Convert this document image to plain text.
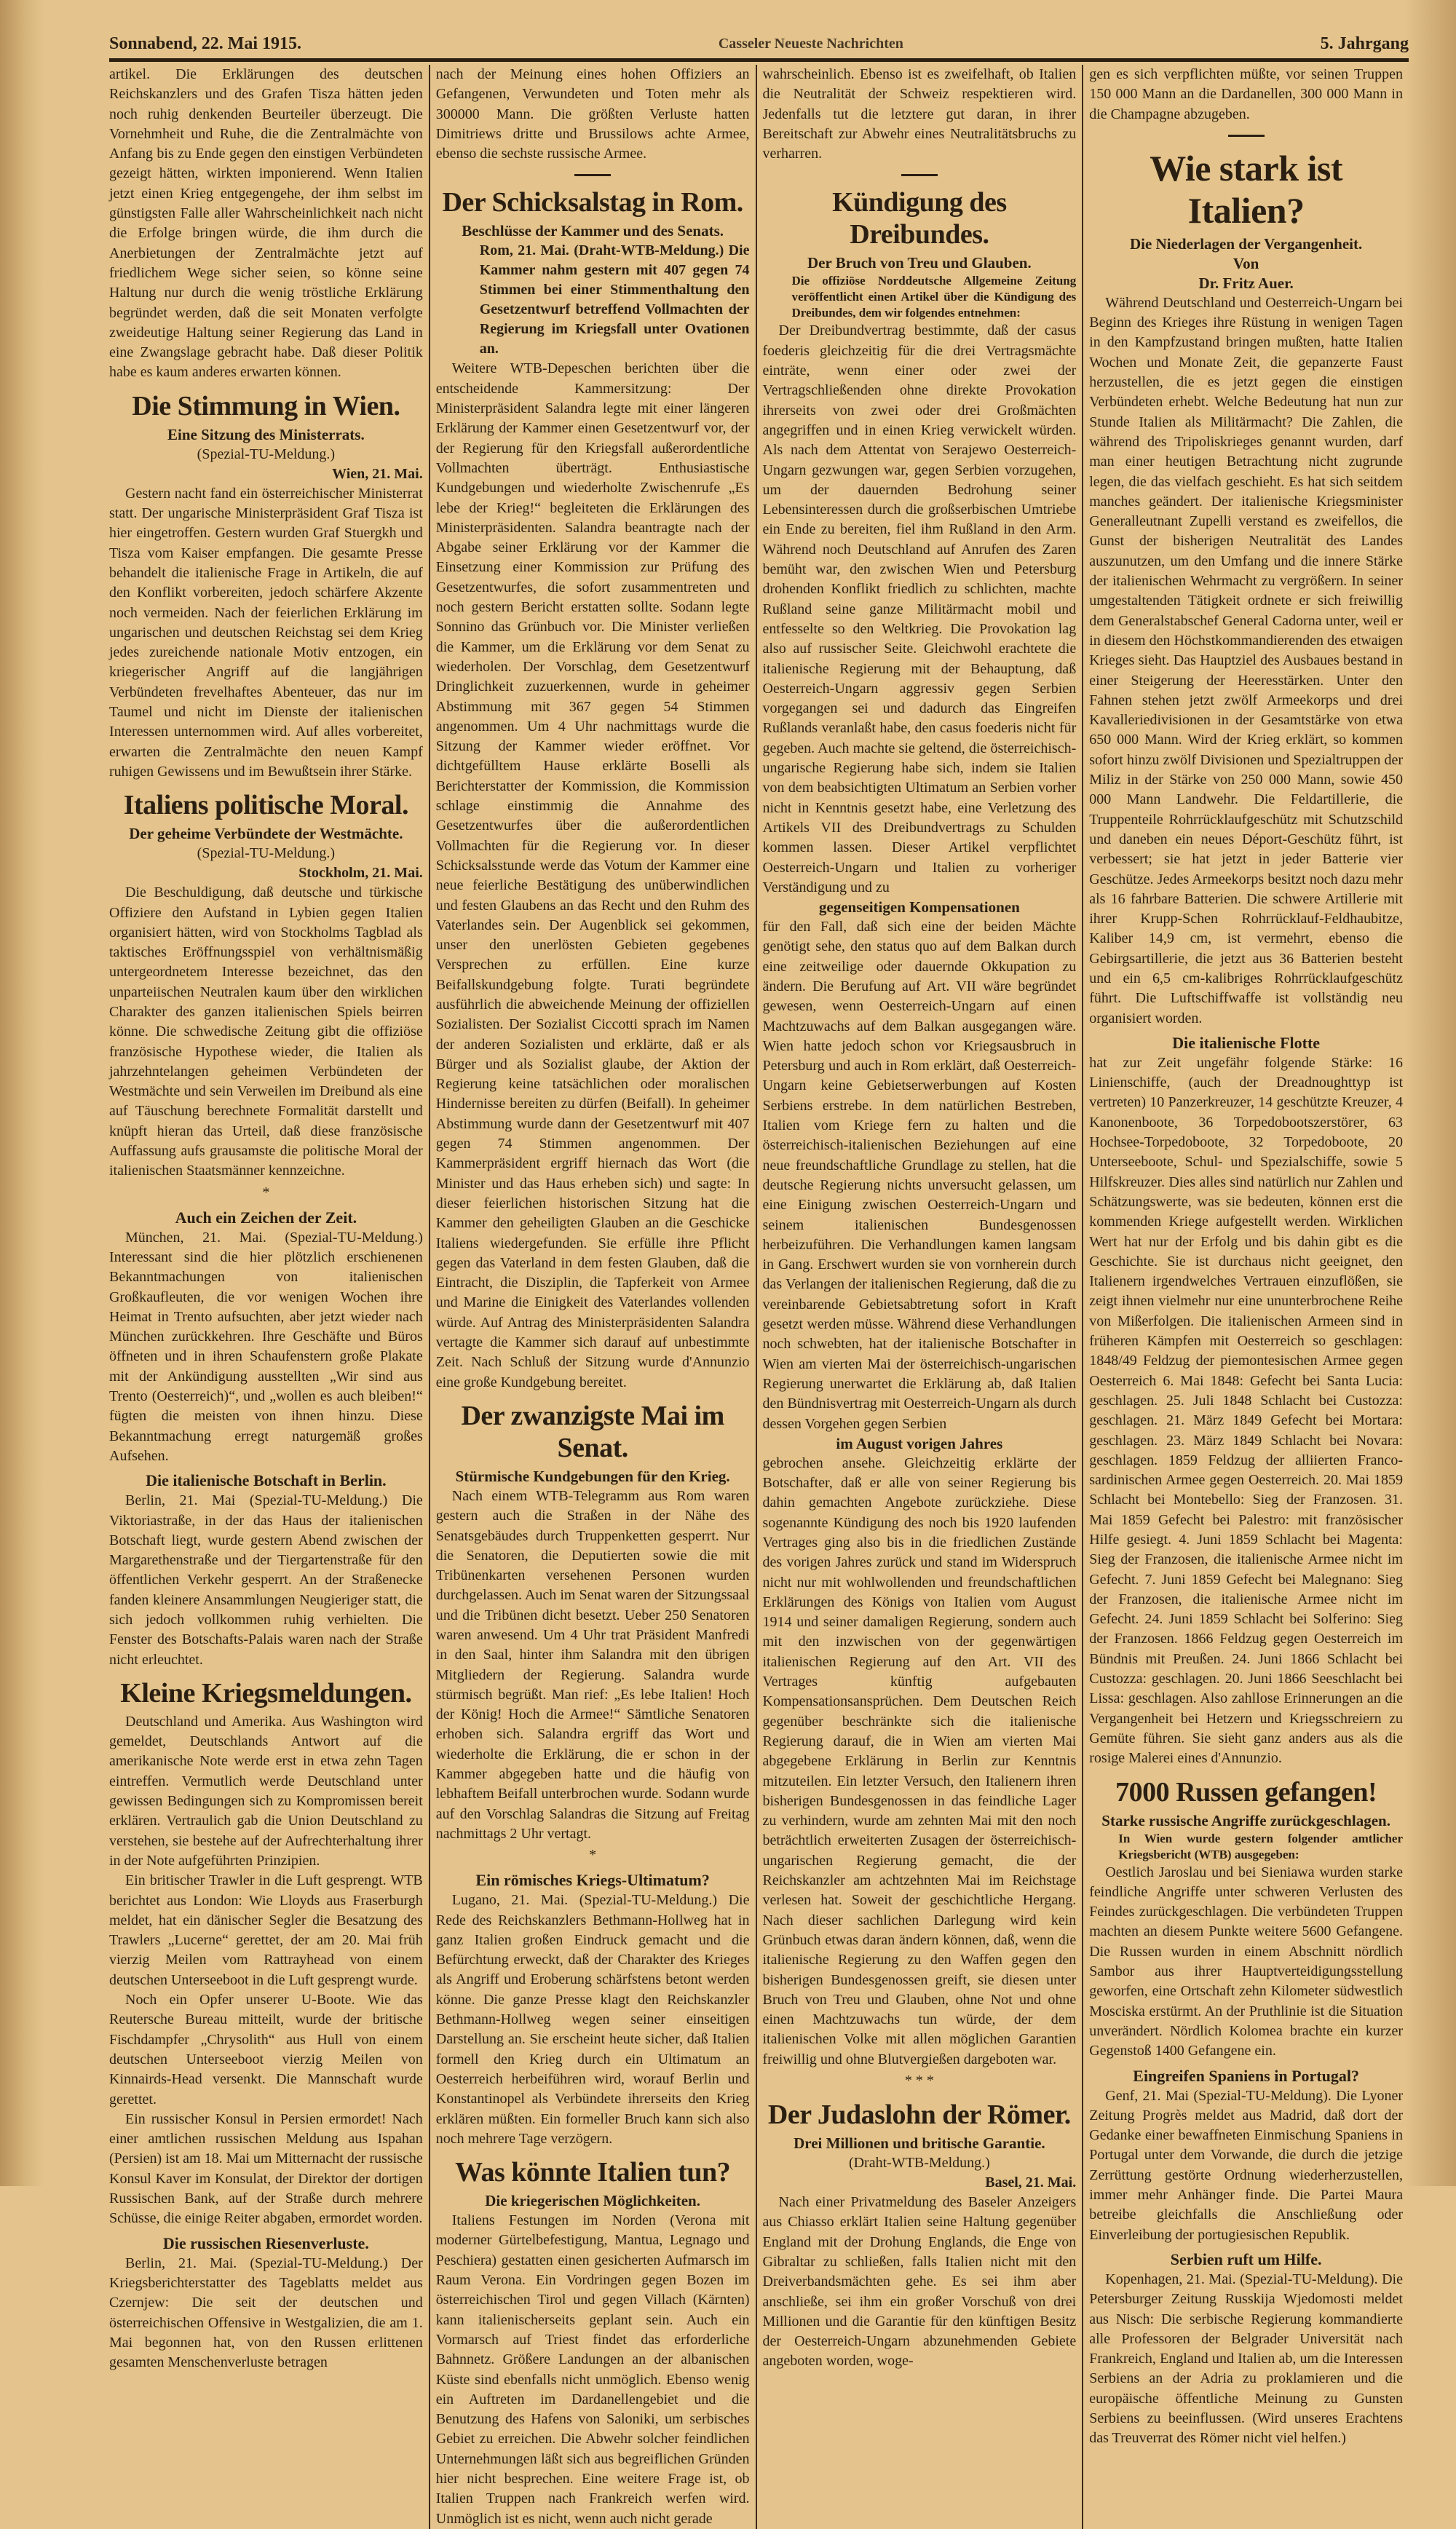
Sonnabend, 22. Mai 1915.	Casseler Neueste Nachrichten	5. Jahrgang

artikel. Die Erklärungen des deutschen Reichskanzlers und des Grafen Tisza hätten jeden noch ruhig denkenden Beurteiler überzeugt. Die Vornehmheit und Ruhe, die die Zentralmächte von Anfang bis zu Ende gegen den einstigen Verbündeten gezeigt hätten, wirkten imponierend. Wenn Italien jetzt einen Krieg entgegengehe, der ihm selbst im günstigsten Falle aller Wahrscheinlichkeit nach nicht die Erfolge bringen würde, die ihm durch die Anerbietungen der Zentralmächte jetzt auf friedlichem Wege sicher seien, so könne seine Haltung nur durch die wenig tröstliche Erklärung begründet werden, daß die seit Monaten verfolgte zweideutige Haltung seiner Regierung das Land in eine Zwangslage gebracht habe. Daß dieser Politik habe es kaum anderes erwarten können.

Die Stimmung in Wien.
Eine Sitzung des Ministerrats.
(Spezial-TU-Meldung.)
Wien, 21. Mai.

Gestern nacht fand ein österreichischer Ministerrat statt. Der ungarische Ministerpräsident Graf Tisza ist hier eingetroffen. Gestern wurden Graf Stuergkh und Tisza vom Kaiser empfangen. Die gesamte Presse behandelt die italienische Frage in Artikeln, die auf den Konflikt vorbereiten, jedoch schärfere Akzente noch vermeiden. Nach der feierlichen Erklärung im ungarischen und deutschen Reichstag sei dem Krieg jedes zureichende nationale Motiv entzogen, ein kriegerischer Angriff auf die langjährigen Verbündeten frevelhaftes Abenteuer, das nur im Taumel und nicht im Dienste der italienischen Interessen unternommen wird. Auf alles vorbereitet, erwarten die Zentralmächte den neuen Kampf ruhigen Gewissens und im Bewußtsein ihrer Stärke.

Italiens politische Moral.
Der geheime Verbündete der Westmächte.
(Spezial-TU-Meldung.)
Stockholm, 21. Mai.

Die Beschuldigung, daß deutsche und türkische Offiziere den Aufstand in Lybien gegen Italien organisiert hätten, wird von Stockholms Tagblad als taktisches Eröffnungsspiel von verhältnismäßig untergeordnetem Interesse bezeichnet, das den unparteiischen Neutralen kaum über den wirklichen Charakter des ganzen italienischen Spiels beirren könne. Die schwedische Zeitung gibt die offiziöse französische Hypothese wieder, die Italien als jahrzehntelangen geheimen Verbündeten der Westmächte und sein Verweilen im Dreibund als eine auf Täuschung berechnete Formalität darstellt und knüpft hieran das Urteil, daß diese französische Auffassung aufs grausamste die politische Moral der italienischen Staatsmänner kennzeichne.

*
Auch ein Zeichen der Zeit.

München, 21. Mai. (Spezial-TU-Meldung.) Interessant sind die hier plötzlich erschienenen Bekanntmachungen von italienischen Großkaufleuten, die vor wenigen Wochen ihre Heimat in Trento aufsuchten, aber jetzt wieder nach München zurückkehren. Ihre Geschäfte und Büros öffneten und in ihren Schaufenstern große Plakate mit der Ankündigung ausstellten „Wir sind aus Trento (Oesterreich)“, und „wollen es auch bleiben!“ fügten die meisten von ihnen hinzu. Diese Bekanntmachung erregt naturgemäß großes Aufsehen.

Die italienische Botschaft in Berlin.

Berlin, 21. Mai (Spezial-TU-Meldung.) Die Viktoriastraße, in der das Haus der italienischen Botschaft liegt, wurde gestern Abend zwischen der Margarethenstraße und der Tiergartenstraße für den öffentlichen Verkehr gesperrt. An der Straßenecke fanden kleinere Ansammlungen Neugieriger statt, die sich jedoch vollkommen ruhig verhielten. Die Fenster des Botschafts-Palais waren nach der Straße nicht erleuchtet.

Kleine Kriegsmeldungen.

Deutschland und Amerika. Aus Washington wird gemeldet, Deutschlands Antwort auf die amerikanische Note werde erst in etwa zehn Tagen eintreffen. Vermutlich werde Deutschland unter gewissen Bedingungen sich zu Kompromissen bereit erklären. Vertraulich gab die Union Deutschland zu verstehen, sie bestehe auf der Aufrechterhaltung ihrer in der Note aufgeführten Prinzipien.

Ein britischer Trawler in die Luft gesprengt. WTB berichtet aus London: Wie Lloyds aus Fraserburgh meldet, hat ein dänischer Segler die Besatzung des Trawlers „Lucerne“ gerettet, der am 20. Mai früh vierzig Meilen vom Rattrayhead von einem deutschen Unterseeboot in die Luft gesprengt wurde.

Noch ein Opfer unserer U-Boote. Wie das Reutersche Bureau mitteilt, wurde der britische Fischdampfer „Chrysolith“ aus Hull von einem deutschen Unterseeboot vierzig Meilen von Kinnairds-Head versenkt. Die Mannschaft wurde gerettet.

Ein russischer Konsul in Persien ermordet! Nach einer amtlichen russischen Meldung aus Ispahan (Persien) ist am 18. Mai um Mitternacht der russische Konsul Kaver im Konsulat, der Direktor der dortigen Russischen Bank, auf der Straße durch mehrere Schüsse, die einige Reiter abgaben, ermordet worden.

Die russischen Riesenverluste.

Berlin, 21. Mai. (Spezial-TU-Meldung.) Der Kriegsberichterstatter des Tageblatts meldet aus Czernjew: Die seit der deutschen und österreichischen Offensive in Westgalizien, die am 1. Mai begonnen hat, von den Russen erlittenen gesamten Menschenverluste betragen

nach der Meinung eines hohen Offiziers an Gefangenen, Verwundeten und Toten mehr als 300000 Mann. Die größten Verluste hatten Dimitriews dritte und Brussilows achte Armee, ebenso die sechste russische Armee.

Der Schicksalstag in Rom.
Beschlüsse der Kammer und des Senats.
Rom, 21. Mai. (Draht-WTB-Meldung.) Die Kammer nahm gestern mit 407 gegen 74 Stimmen bei einer Stimmenthaltung den Gesetzentwurf betreffend Vollmachten der Regierung im Kriegsfall unter Ovationen an.

Weitere WTB-Depeschen berichten über die entscheidende Kammersitzung: Der Ministerpräsident Salandra legte mit einer längeren Erklärung der Kammer einen Gesetzentwurf vor, der der Regierung für den Kriegsfall außerordentliche Vollmachten überträgt. Enthusiastische Kundgebungen und wiederholte Zwischenrufe „Es lebe der Krieg!“ begleiteten die Erklärungen des Ministerpräsidenten. Salandra beantragte nach der Abgabe seiner Erklärung vor der Kammer die Einsetzung einer Kommission zur Prüfung des Gesetzentwurfes, die sofort zusammentreten und noch gestern Bericht erstatten sollte. Sodann legte Sonnino das Grünbuch vor. Die Minister verließen die Kammer, um die Erklärung vor dem Senat zu wiederholen. Der Vorschlag, dem Gesetzentwurf Dringlichkeit zuzuerkennen, wurde in geheimer Abstimmung mit 367 gegen 54 Stimmen angenommen. Um 4 Uhr nachmittags wurde die Sitzung der Kammer wieder eröffnet. Vor dichtgefülltem Hause erklärte Boselli als Berichterstatter der Kommission, die Kommission schlage einstimmig die Annahme des Gesetzentwurfes über die außerordentlichen Vollmachten für die Regierung vor. In dieser Schicksalsstunde werde das Votum der Kammer eine neue feierliche Bestätigung des unüberwindlichen und festen Glaubens an das Recht und den Ruhm des Vaterlandes sein. Der Augenblick sei gekommen, unser den unerlösten Gebieten gegebenes Versprechen zu erfüllen. Eine kurze Beifallskundgebung folgte. Turati begründete ausführlich die abweichende Meinung der offiziellen Sozialisten. Der Sozialist Ciccotti sprach im Namen der anderen Sozialisten und erklärte, daß er als Bürger und als Sozialist glaube, der Aktion der Regierung keine tatsächlichen oder moralischen Hindernisse bereiten zu dürfen (Beifall). In geheimer Abstimmung wurde dann der Gesetzentwurf mit 407 gegen 74 Stimmen angenommen. Der Kammerpräsident ergriff hiernach das Wort (die Minister und das Haus erheben sich) und sagte: In dieser feierlichen historischen Sitzung hat die Kammer den geheiligten Glauben an die Geschicke Italiens wiedergefunden. Sie erfülle ihre Pflicht gegen das Vaterland in dem festen Glauben, daß die Eintracht, die Disziplin, die Tapferkeit von Armee und Marine die Einigkeit des Vaterlandes vollenden würde. Auf Antrag des Ministerpräsidenten Salandra vertagte die Kammer sich darauf auf unbestimmte Zeit. Nach Schluß der Sitzung wurde d'Annunzio eine große Kundgebung bereitet.

Der zwanzigste Mai im Senat.
Stürmische Kundgebungen für den Krieg.

Nach einem WTB-Telegramm aus Rom waren gestern auch die Straßen in der Nähe des Senatsgebäudes durch Truppenketten gesperrt. Nur die Senatoren, die Deputierten sowie die mit Tribünenkarten versehenen Personen wurden durchgelassen. Auch im Senat waren der Sitzungssaal und die Tribünen dicht besetzt. Ueber 250 Senatoren waren anwesend. Um 4 Uhr trat Präsident Manfredi in den Saal, hinter ihm Salandra mit den übrigen Mitgliedern der Regierung. Salandra wurde stürmisch begrüßt. Man rief: „Es lebe Italien! Hoch der König! Hoch die Armee!“ Sämtliche Senatoren erhoben sich. Salandra ergriff das Wort und wiederholte die Erklärung, die er schon in der Kammer abgegeben hatte und die häufig von lebhaftem Beifall unterbrochen wurde. Sodann wurde auf den Vorschlag Salandras die Sitzung auf Freitag nachmittags 2 Uhr vertagt.

*
Ein römisches Kriegs-Ultimatum?

Lugano, 21. Mai. (Spezial-TU-Meldung.) Die Rede des Reichskanzlers Bethmann-Hollweg hat in ganz Italien großen Eindruck gemacht und die Befürchtung erweckt, daß der Charakter des Krieges als Angriff und Eroberung schärfstens betont werden könne. Die ganze Presse klagt den Reichskanzler Bethmann-Hollweg wegen seiner einseitigen Darstellung an. Sie erscheint heute sicher, daß Italien formell den Krieg durch ein Ultimatum an Oesterreich herbeiführen wird, worauf Berlin und Konstantinopel als Verbündete ihrerseits den Krieg erklären müßten. Ein formeller Bruch kann sich also noch mehrere Tage verzögern.

Was könnte Italien tun?
Die kriegerischen Möglichkeiten.

Italiens Festungen im Norden (Verona mit moderner Gürtelbefestigung, Mantua, Legnago und Peschiera) gestatten einen gesicherten Aufmarsch im Raum Verona. Ein Vordringen gegen Bozen im österreichischen Tirol und gegen Villach (Kärnten) kann italienischerseits geplant sein. Auch ein Vormarsch auf Triest findet das erforderliche Bahnnetz. Größere Landungen an der albanischen Küste sind ebenfalls nicht unmöglich. Ebenso wenig ein Auftreten im Dardanellengebiet und die Benutzung des Hafens von Saloniki, um serbisches Gebiet zu erreichen. Die Abwehr solcher feindlichen Unternehmungen läßt sich aus begreiflichen Gründen hier nicht besprechen. Eine weitere Frage ist, ob Italien Truppen nach Frankreich werfen wird. Unmöglich ist es nicht, wenn auch nicht gerade

wahrscheinlich. Ebenso ist es zweifelhaft, ob Italien die Neutralität der Schweiz respektieren wird. Jedenfalls tut die letztere gut daran, in ihrer Bereitschaft zur Abwehr eines Neutralitätsbruchs zu verharren.

Kündigung des Dreibundes.
Der Bruch von Treu und Glauben.
Die offiziöse Norddeutsche Allgemeine Zeitung veröffentlicht einen Artikel über die Kündigung des Dreibundes, dem wir folgendes entnehmen:

Der Dreibundvertrag bestimmte, daß der casus foederis gleichzeitig für die drei Vertragsmächte einträte, wenn einer oder zwei der Vertragschließenden ohne direkte Provokation ihrerseits von zwei oder drei Großmächten angegriffen und in einen Krieg verwickelt würden. Als nach dem Attentat von Serajewo Oesterreich-Ungarn gezwungen war, gegen Serbien vorzugehen, um der dauernden Bedrohung seiner Lebensinteressen durch die großserbischen Umtriebe ein Ende zu bereiten, fiel ihm Rußland in den Arm. Während noch Deutschland auf Anrufen des Zaren bemüht war, den zwischen Wien und Petersburg drohenden Konflikt friedlich zu schlichten, machte Rußland seine ganze Militärmacht mobil und entfesselte so den Weltkrieg. Die Provokation lag also auf russischer Seite. Gleichwohl erachtete die italienische Regierung mit der Behauptung, daß Oesterreich-Ungarn aggressiv gegen Serbien vorgegangen sei und dadurch das Eingreifen Rußlands veranlaßt habe, den casus foederis nicht für gegeben. Auch machte sie geltend, die österreichisch-ungarische Regierung habe sich, indem sie Italien von dem beabsichtigten Ultimatum an Serbien vorher nicht in Kenntnis gesetzt habe, eine Verletzung des Artikels VII des Dreibundvertrags zu Schulden kommen lassen. Dieser Artikel verpflichtet Oesterreich-Ungarn und Italien zu vorheriger Verständigung und zu

gegenseitigen Kompensationen

für den Fall, daß sich eine der beiden Mächte genötigt sehe, den status quo auf dem Balkan durch eine zeitweilige oder dauernde Okkupation zu ändern. Die Berufung auf Art. VII wäre begründet gewesen, wenn Oesterreich-Ungarn auf einen Machtzuwachs auf dem Balkan ausgegangen wäre. Wien hatte jedoch schon vor Kriegsausbruch in Petersburg und auch in Rom erklärt, daß Oesterreich-Ungarn keine Gebietserwerbungen auf Kosten Serbiens erstrebe. In dem natürlichen Bestreben, Italien vom Kriege fern zu halten und die österreichisch-italienischen Beziehungen auf eine neue freundschaftliche Grundlage zu stellen, hat die deutsche Regierung nichts unversucht gelassen, um eine Einigung zwischen Oesterreich-Ungarn und seinem italienischen Bundesgenossen herbeizuführen. Die Verhandlungen kamen langsam in Gang. Erschwert wurden sie von vornherein durch das Verlangen der italienischen Regierung, daß die zu vereinbarende Gebietsabtretung sofort in Kraft gesetzt werden müsse. Während diese Verhandlungen noch schwebten, hat der italienische Botschafter in Wien am vierten Mai der österreichisch-ungarischen Regierung unerwartet die Erklärung ab, daß Italien den Bündnisvertrag mit Oesterreich-Ungarn als durch dessen Vorgehen gegen Serbien

im August vorigen Jahres

gebrochen ansehe. Gleichzeitig erklärte der Botschafter, daß er alle von seiner Regierung bis dahin gemachten Angebote zurückziehe. Diese sogenannte Kündigung des noch bis 1920 laufenden Vertrages ging also bis in die friedlichen Zustände des vorigen Jahres zurück und stand im Widerspruch nicht nur mit wohlwollenden und freundschaftlichen Erklärungen des Königs von Italien vom August 1914 und seiner damaligen Regierung, sondern auch mit den inzwischen von der gegenwärtigen italienischen Regierung auf den Art. VII des Vertrages künftig aufgebauten Kompensationsansprüchen. Dem Deutschen Reich gegenüber beschränkte sich die italienische Regierung darauf, die in Wien am vierten Mai abgegebene Erklärung in Berlin zur Kenntnis mitzuteilen. Ein letzter Versuch, den Italienern ihren bisherigen Bundesgenossen in das feindliche Lager zu verhindern, wurde am zehnten Mai mit den noch beträchtlich erweiterten Zusagen der österreichisch-ungarischen Regierung gemacht, die der Reichskanzler am achtzehnten Mai im Reichstage verlesen hat. Soweit der geschichtliche Hergang. Nach dieser sachlichen Darlegung wird kein Grünbuch etwas daran ändern können, daß, wenn die italienische Regierung zu den Waffen gegen den bisherigen Bundesgenossen greift, sie diesen unter Bruch von Treu und Glauben, ohne Not und ohne einen Machtzuwachs tun würde, der dem italienischen Volke mit allen möglichen Garantien freiwillig und ohne Blutvergießen dargeboten war.

* * *
Der Judaslohn der Römer.
Drei Millionen und britische Garantie.
(Draht-WTB-Meldung.)
Basel, 21. Mai.

Nach einer Privatmeldung des Baseler Anzeigers aus Chiasso erklärt Italien seine Haltung gegenüber England mit der Drohung Englands, die Enge von Gibraltar zu schließen, falls Italien nicht mit den Dreiverbandsmächten gehe. Es sei ihm aber anschließe, sei ihm ein großer Vorschuß von drei Millionen und die Garantie für den künftigen Besitz der Oesterreich-Ungarn abzunehmenden Gebiete angeboten worden, woge-

gen es sich verpflichten müßte, vor seinen Truppen 150 000 Mann an die Dardanellen, 300 000 Mann in die Champagne abzugeben.

Wie stark ist Italien?
Die Niederlagen der Vergangenheit.
Von
Dr. Fritz Auer.

Während Deutschland und Oesterreich-Ungarn bei Beginn des Krieges ihre Rüstung in wenigen Tagen in den Kampfzustand bringen mußten, hatte Italien Wochen und Monate Zeit, die gepanzerte Faust herzustellen, die es jetzt gegen die einstigen Verbündeten erhebt. Welche Bedeutung hat nun zur Stunde Italien als Militärmacht? Die Zahlen, die während des Tripoliskrieges genannt wurden, darf man einer heutigen Betrachtung nicht zugrunde legen, die das vielfach geschieht. Es hat sich seitdem manches geändert. Der italienische Kriegsminister Generalleutnant Zupelli verstand es zweifellos, die Gunst der bisherigen Neutralität des Landes auszunutzen, um den Umfang und die innere Stärke der italienischen Wehrmacht zu vergrößern. In seiner umgestaltenden Tätigkeit ordnete er sich freiwillig dem Generalstabschef General Cadorna unter, weil er in diesem den Höchstkommandierenden des etwaigen Krieges sieht. Das Hauptziel des Ausbaues bestand in einer Steigerung der Heeresstärken. Unter den Fahnen stehen jetzt zwölf Armeekorps und drei Kavalleriedivisionen in der Gesamtstärke von etwa 650 000 Mann. Wird der Krieg erklärt, so kommen sofort hinzu zwölf Divisionen und Spezialtruppen der Miliz in der Stärke von 250 000 Mann, sowie 450 000 Mann Landwehr. Die Feldartillerie, die Truppenteile Rohrrücklaufgeschütz mit Schutzschild und daneben ein neues Déport-Geschütz führt, ist verbessert; sie hat jetzt in jeder Batterie vier Geschütze. Jedes Armeekorps besitzt noch dazu mehr als 16 fahrbare Batterien. Die schwere Artillerie mit ihrer Krupp-Schen Rohrrücklauf-Feldhaubitze, Kaliber 14,9 cm, ist vermehrt, ebenso die Gebirgsartillerie, die jetzt aus 36 Batterien besteht und ein 6,5 cm-kalibriges Rohrrücklaufgeschütz führt. Die Luftschiffwaffe ist vollständig neu organisiert worden.

Die italienische Flotte

hat zur Zeit ungefähr folgende Stärke: 16 Linienschiffe, (auch der Dreadnoughttyp ist vertreten) 10 Panzerkreuzer, 14 geschützte Kreuzer, 4 Kanonenboote, 36 Torpedobootszerstörer, 63 Hochsee-Torpedoboote, 32 Torpedoboote, 20 Unterseeboote, Schul- und Spezialschiffe, sowie 5 Hilfskreuzer. Dies alles sind natürlich nur Zahlen und Schätzungswerte, was sie bedeuten, können erst die kommenden Kriege aufgestellt werden. Wirklichen Wert hat nur der Erfolg und bis dahin gibt es die Geschichte. Sie ist durchaus nicht geeignet, den Italienern irgendwelches Vertrauen einzuflößen, sie zeigt ihnen vielmehr nur eine ununterbrochene Reihe von Mißerfolgen. Die italienischen Armeen sind in früheren Kämpfen mit Oesterreich so geschlagen: 1848/49 Feldzug der piemontesischen Armee gegen Oesterreich 6. Mai 1848: Gefecht bei Santa Lucia: geschlagen. 25. Juli 1848 Schlacht bei Custozza: geschlagen. 21. März 1849 Gefecht bei Mortara: geschlagen. 23. März 1849 Schlacht bei Novara: geschlagen. 1859 Feldzug der alliierten Franco-sardinischen Armee gegen Oesterreich. 20. Mai 1859 Schlacht bei Montebello: Sieg der Franzosen. 31. Mai 1859 Gefecht bei Palestro: mit französischer Hilfe gesiegt. 4. Juni 1859 Schlacht bei Magenta: Sieg der Franzosen, die italienische Armee nicht im Gefecht. 7. Juni 1859 Gefecht bei Malegnano: Sieg der Franzosen, die italienische Armee nicht im Gefecht. 24. Juni 1859 Schlacht bei Solferino: Sieg der Franzosen. 1866 Feldzug gegen Oesterreich im Bündnis mit Preußen. 24. Juni 1866 Schlacht bei Custozza: geschlagen. 20. Juni 1866 Seeschlacht bei Lissa: geschlagen. Also zahllose Erinnerungen an die Vergangenheit bei Hetzern und Kriegsschreiern zu Gemüte führen. Sie sieht ganz anders aus als die rosige Malerei eines d'Annunzio.

7000 Russen gefangen!
Starke russische Angriffe zurückgeschlagen.
In Wien wurde gestern folgender amtlicher Kriegsbericht (WTB) ausgegeben:

Oestlich Jaroslau und bei Sieniawa wurden starke feindliche Angriffe unter schweren Verlusten des Feindes zurückgeschlagen. Die verbündeten Truppen machten an diesem Punkte weitere 5600 Gefangene. Die Russen wurden in einem Abschnitt nördlich Sambor aus ihrer Hauptverteidigungsstellung geworfen, eine Ortschaft zehn Kilometer südwestlich Mosciska erstürmt. An der Pruthlinie ist die Situation unverändert. Nördlich Kolomea brachte ein kurzer Gegenstoß 1400 Gefangene ein.

Eingreifen Spaniens in Portugal?

Genf, 21. Mai (Spezial-TU-Meldung). Die Lyoner Zeitung Progrès meldet aus Madrid, daß dort der Gedanke einer bewaffneten Einmischung Spaniens in Portugal unter dem Vorwande, die durch die jetzige Zerrüttung gestörte Ordnung wiederherzustellen, immer mehr Anhänger finde. Die Partei Maura betreibe gleichfalls die Anschließung oder Einverleibung der portugiesischen Republik.

Serbien ruft um Hilfe.

Kopenhagen, 21. Mai. (Spezial-TU-Meldung). Die Petersburger Zeitung Russkija Wjedomosti meldet aus Nisch: Die serbische Regierung kommandierte alle Professoren der Belgrader Universität nach Frankreich, England und Italien ab, um die Interessen Serbiens an der Adria zu proklamieren und die europäische öffentliche Meinung zu Gunsten Serbiens zu beeinflussen. (Wird unseres Erachtens das Treuverrat des Römer nicht viel helfen.)
